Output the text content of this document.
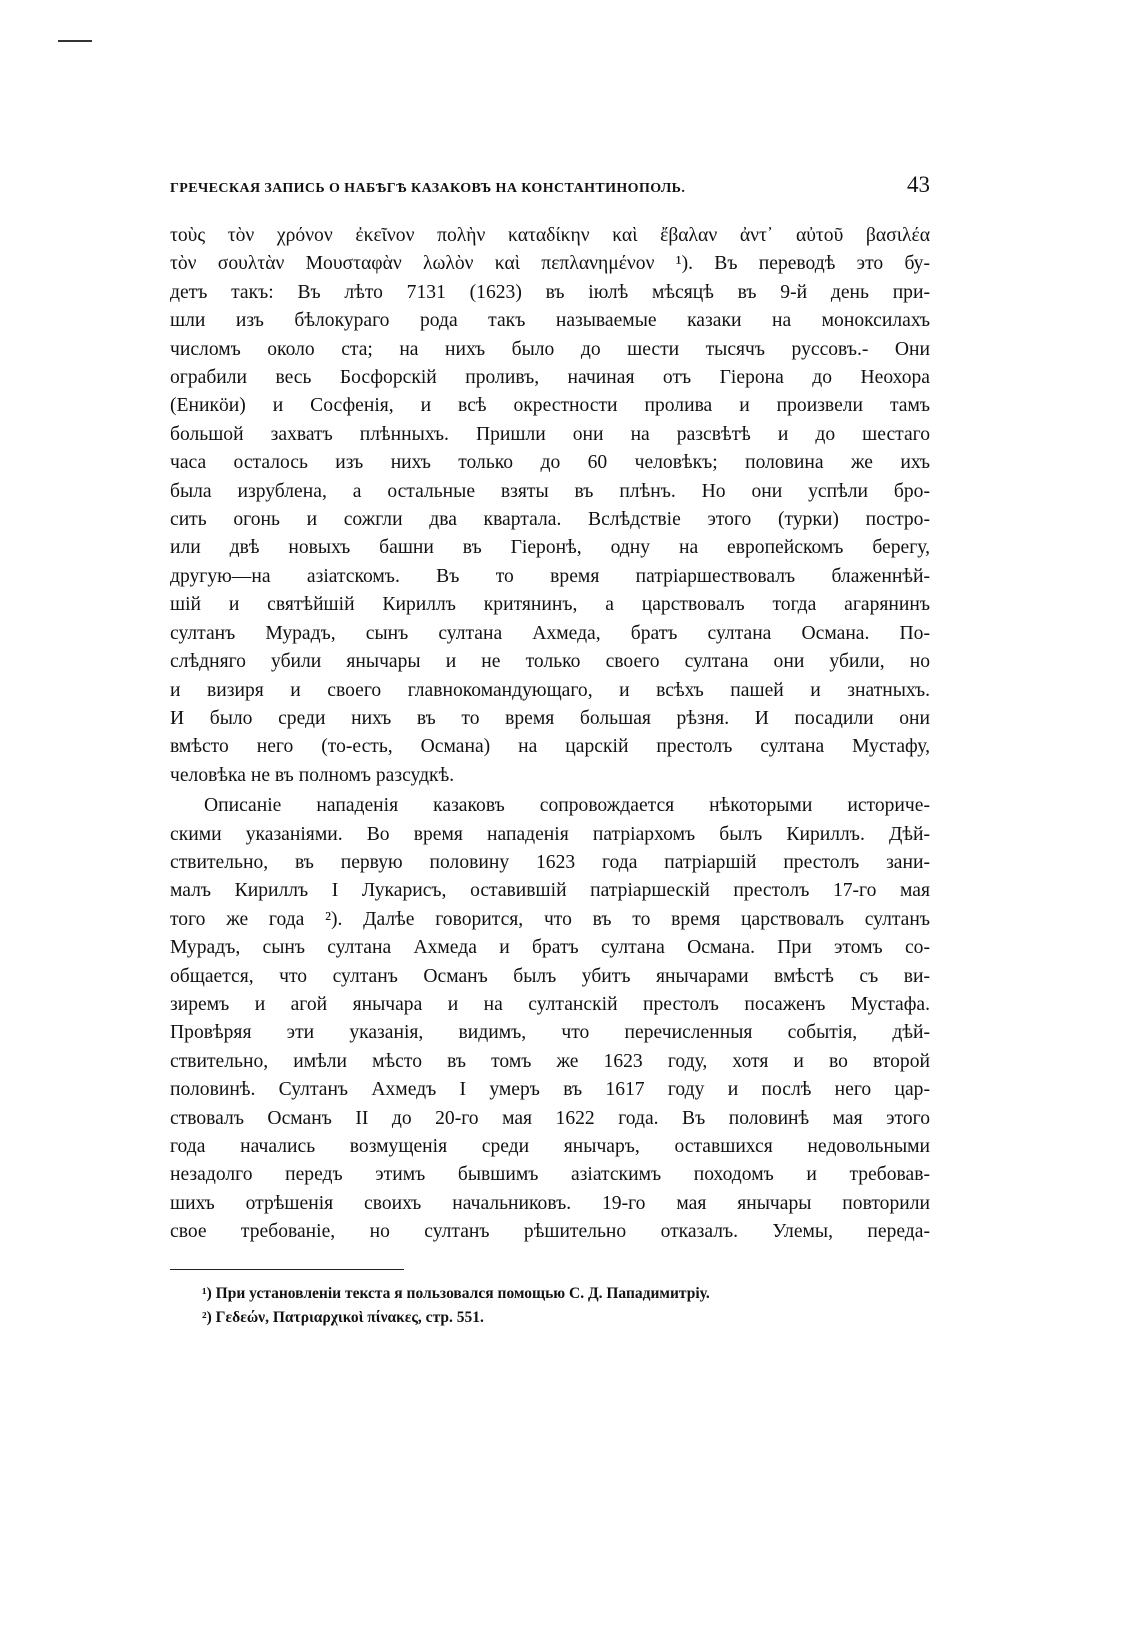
ГРЕЧЕСКАЯ ЗАПИСЬ О НАБѢГѢ КАЗАКОВЪ НА КОНСТАНТИНОПОЛЬ.	43
τοὺς τὸν χρόνον ἐκεῖνον πολὴν καταδίκην καὶ ἔβαλαν ἀντ᾽ αὐτοῦ βασιλέα
τὸν σουλτὰν Μουσταφὰν λωλὸν καὶ πεπλανημένον ¹). Въ переводѣ это бу-
детъ такъ: Въ лѣто 7131 (1623) въ iюлѣ мѣсяцѣ въ 9-й день при-
шли изъ бѣлокураго рода такъ называемые казаки на моноксилахъ
числомъ около ста; на нихъ было до шести тысячъ руссовъ.- Они
ограбили весь Босфорскiй проливъ, начиная отъ Гiерона до Неохора
(Еникöи) и Сосфенiя, и всѣ окрестности пролива и произвели тамъ
большой захватъ плѣнныхъ. Пришли они на разсвѣтѣ и до шестаго
часа осталось изъ нихъ только до 60 человѣкъ; половина же ихъ
была изрублена, а остальные взяты въ плѣнъ. Но они успѣли бро-
сить огонь и сожгли два квартала. Вслѣдствiе этого (турки) постро-
или двѣ новыхъ башни въ Гiеронѣ, одну на европейскомъ берегу,
другую—на азiатскомъ. Въ то время патрiаршествовалъ блаженнѣй-
шiй и святѣйшiй Кириллъ критянинъ, а царствовалъ тогда агарянинъ
султанъ Мурадъ, сынъ султана Ахмеда, братъ султана Османа. По-
слѣдняго убили янычары и не только своего султана они убили, но
и визиря и своего главнокомандующаго, и всѣхъ пашей и знатныхъ.
И было среди нихъ въ то время большая рѣзня. И посадили они
вмѣсто него (то-есть, Османа) на царскiй престолъ султана Мустафу,
человѣка не въ полномъ разсудкѣ.
Описанiе нападенiя казаковъ сопровождается нѣкоторыми историче-
скими указанiями. Во время нападенiя патрiархомъ былъ Кириллъ. Дѣй-
ствительно, въ первую половину 1623 года патрiаршiй престолъ зани-
малъ Кириллъ I Лукарисъ, оставившiй патрiаршескiй престолъ 17-го мая
того же года ²). Далѣе говорится, что въ то время царствовалъ султанъ
Мурадъ, сынъ султана Ахмеда и братъ султана Османа. При этомъ со-
общается, что султанъ Османъ былъ убитъ янычарами вмѣстѣ съ ви-
зиремъ и агой янычара и на султанскiй престолъ посаженъ Мустафа.
Провѣряя эти указанiя, видимъ, что перечисленныя событiя, дѣй-
ствительно, имѣли мѣсто въ томъ же 1623 году, хотя и во второй
половинѣ. Султанъ Ахмедъ I умеръ въ 1617 году и послѣ него цар-
ствовалъ Османъ II до 20-го мая 1622 года. Въ половинѣ мая этого
года начались возмущенiя среди янычаръ, оставшихся недовольными
незадолго передъ этимъ бывшимъ азiатскимъ походомъ и требовав-
шихъ отрѣшенiя своихъ начальниковъ. 19-го мая янычары повторили
свое требованiе, но султанъ рѣшительно отказалъ. Улемы, переда-
¹) При установленiи текста я пользовался помощью С. Д. Пападимитрiу.
²) Γεδεών, Πατριαρχικοὶ πίνακες, стр. 551.
